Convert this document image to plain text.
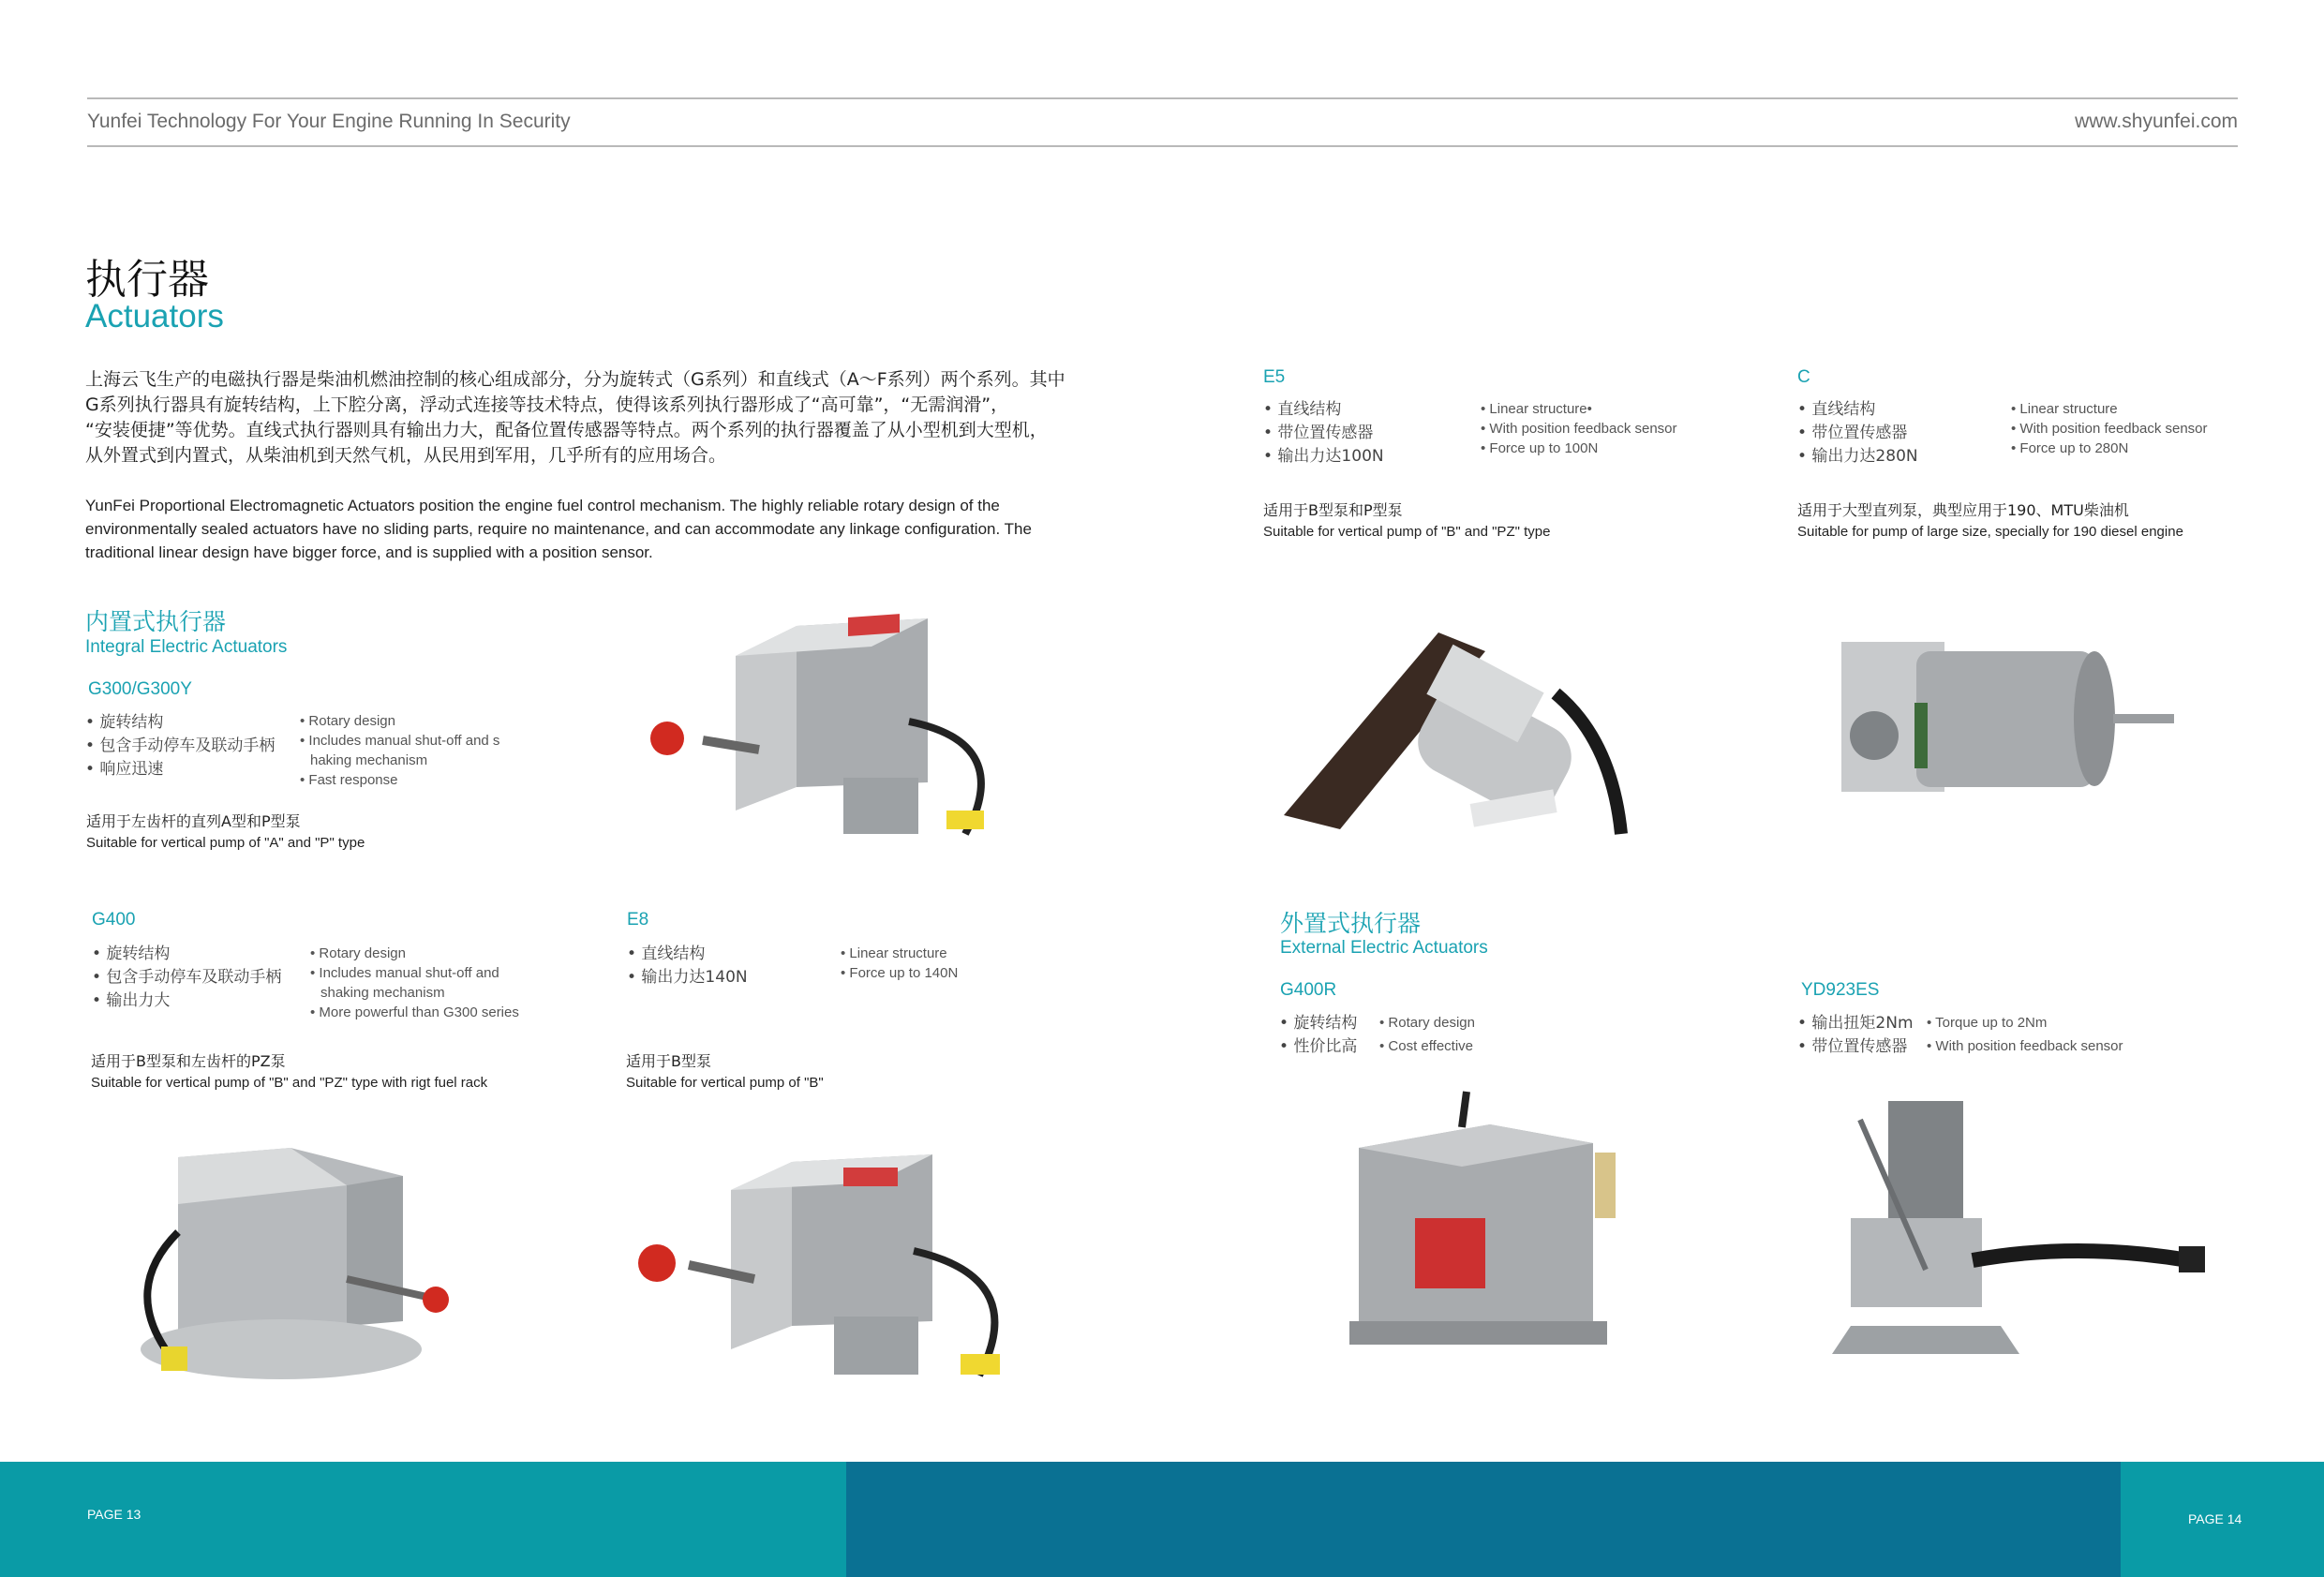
Yunfei Technology For Your Engine Running In Security	www.shyunfei.com
执行器
Actuators

上海云飞生产的电磁执行器是柴油机燃油控制的核心组成部分，分为旋转式（G系列）和直线式（A～F系列）两个系列。其中

G系列执行器具有旋转结构，上下腔分离，浮动式连接等技术特点，使得该系列执行器形成了“高可靠”，“无需润滑”，

“安装便捷”等优势。直线式执行器则具有输出力大，配备位置传感器等特点。两个系列的执行器覆盖了从小型机到大型机，

从外置式到内置式，从柴油机到天然气机，从民用到军用，几乎所有的应用场合。

YunFei Proportional Electromagnetic Actuators position the engine fuel control mechanism. The highly reliable rotary design of the

environmentally sealed actuators have no sliding parts, require no maintenance, and can accommodate any linkage configuration. The

traditional linear design have bigger force, and is supplied with a position sensor.

内置式执行器
Integral Electric Actuators
G300/G300Y
• 旋转结构
• 包含手动停车及联动手柄
• 响应迅速
• Rotary design
• Includes manual shut-off and s
haking mechanism
• Fast response
适用于左齿杆的直列A型和P型泵
Suitable for vertical pump of "A" and "P" type
G400
• 旋转结构
• 包含手动停车及联动手柄
• 输出力大
• Rotary design
• Includes manual shut-off and
shaking mechanism
• More powerful than G300 series
适用于B型泵和左齿杆的PZ泵
Suitable for vertical pump of "B" and "PZ" type with rigt fuel rack
E8
• 直线结构
• 输出力达140N
• Linear structure
• Force up to 140N
适用于B型泵
Suitable for vertical pump of "B"
E5
• 直线结构
• 带位置传感器
• 输出力达100N
• Linear structure•
• With position feedback sensor
• Force up to 100N
适用于B型泵和P型泵
Suitable for vertical pump of "B" and "PZ" type
C
• 直线结构
• 带位置传感器
• 输出力达280N
• Linear structure
• With position feedback sensor
• Force up to 280N
适用于大型直列泵，典型应用于190、MTU柴油机
Suitable for pump of large size, specially for 190 diesel engine
外置式执行器
External Electric Actuators
G400R
• 旋转结构
• 性价比高
• Rotary design
• Cost effective
YD923ES
• 输出扭矩2Nm
• 带位置传感器
• Torque up to 2Nm
• With position feedback sensor
PAGE 13	PAGE 14
